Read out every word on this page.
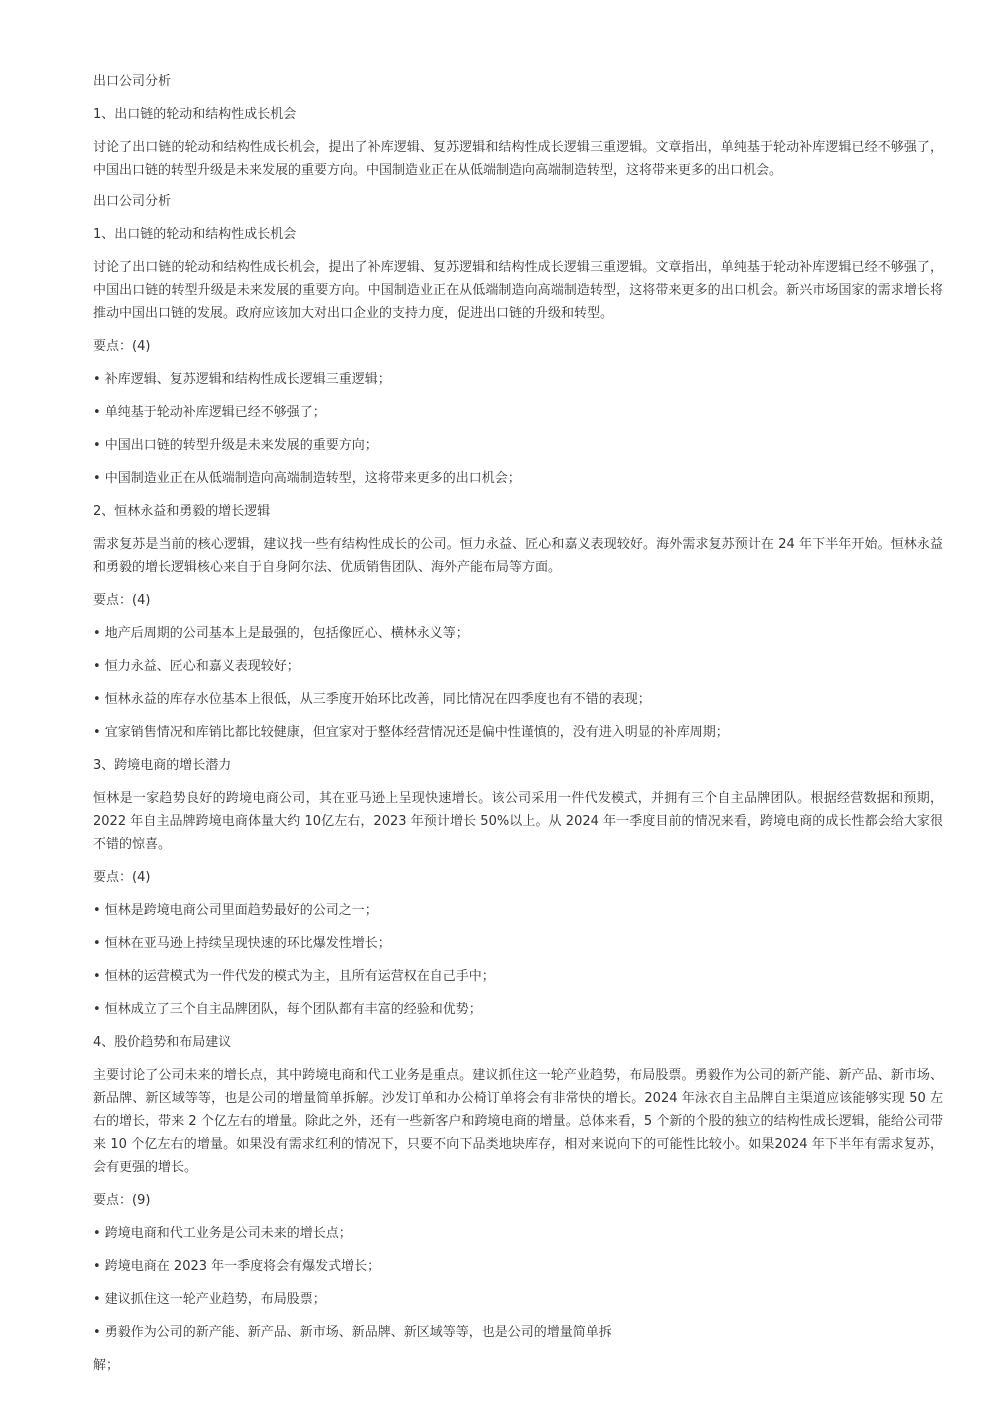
出口公司分析

1、出口链的轮动和结构性成长机会

讨论了出口链的轮动和结构性成长机会，提出了补库逻辑、复苏逻辑和结构性成长逻辑三重逻辑。文章指出，单纯基于轮动补库逻辑已经不够强了，中国出口链的转型升级是未来发展的重要方向。中国制造业正在从低端制造向高端制造转型，这将带来更多的出口机会。

出口公司分析

1、出口链的轮动和结构性成长机会

讨论了出口链的轮动和结构性成长机会，提出了补库逻辑、复苏逻辑和结构性成长逻辑三重逻辑。文章指出，单纯基于轮动补库逻辑已经不够强了，中国出口链的转型升级是未来发展的重要方向。中国制造业正在从低端制造向高端制造转型，这将带来更多的出口机会。新兴市场国家的需求增长将推动中国出口链的发展。政府应该加大对出口企业的支持力度，促进出口链的升级和转型。

要点：(4)

• 补库逻辑、复苏逻辑和结构性成长逻辑三重逻辑；

• 单纯基于轮动补库逻辑已经不够强了；

• 中国出口链的转型升级是未来发展的重要方向；

• 中国制造业正在从低端制造向高端制造转型，这将带来更多的出口机会；

2、恒林永益和勇毅的增长逻辑

需求复苏是当前的核心逻辑，建议找一些有结构性成长的公司。恒力永益、匠心和嘉义表现较好。海外需求复苏预计在 24 年下半年开始。恒林永益和勇毅的增长逻辑核心来自于自身阿尔法、优质销售团队、海外产能布局等方面。

要点：(4)

• 地产后周期的公司基本上是最强的，包括像匠心、横林永义等；

• 恒力永益、匠心和嘉义表现较好；

• 恒林永益的库存水位基本上很低，从三季度开始环比改善，同比情况在四季度也有不错的表现；

• 宜家销售情况和库销比都比较健康，但宜家对于整体经营情况还是偏中性谨慎的，没有进入明显的补库周期；

3、跨境电商的增长潜力

恒林是一家趋势良好的跨境电商公司，其在亚马逊上呈现快速增长。该公司采用一件代发模式，并拥有三个自主品牌团队。根据经营数据和预期，2022 年自主品牌跨境电商体量大约 10亿左右，2023 年预计增长 50%以上。从 2024 年一季度目前的情况来看，跨境电商的成长性都会给大家很不错的惊喜。

要点：(4)

• 恒林是跨境电商公司里面趋势最好的公司之一；

• 恒林在亚马逊上持续呈现快速的环比爆发性增长；

• 恒林的运营模式为一件代发的模式为主，且所有运营权在自己手中；

• 恒林成立了三个自主品牌团队，每个团队都有丰富的经验和优势；

4、股价趋势和布局建议

主要讨论了公司未来的增长点，其中跨境电商和代工业务是重点。建议抓住这一轮产业趋势，布局股票。勇毅作为公司的新产能、新产品、新市场、新品牌、新区域等等，也是公司的增量简单拆解。沙发订单和办公椅订单将会有非常快的增长。2024 年泳衣自主品牌自主渠道应该能够实现 50 左右的增长，带来 2 个亿左右的增量。除此之外，还有一些新客户和跨境电商的增量。总体来看，5 个新的个股的独立的结构性成长逻辑，能给公司带来 10 个亿左右的增量。如果没有需求红利的情况下，只要不向下品类地块库存，相对来说向下的可能性比较小。如果2024 年下半年有需求复苏，会有更强的增长。

要点：(9)

• 跨境电商和代工业务是公司未来的增长点；

• 跨境电商在 2023 年一季度将会有爆发式增长；

• 建议抓住这一轮产业趋势，布局股票；

• 勇毅作为公司的新产能、新产品、新市场、新品牌、新区域等等，也是公司的增量简单拆

解；
